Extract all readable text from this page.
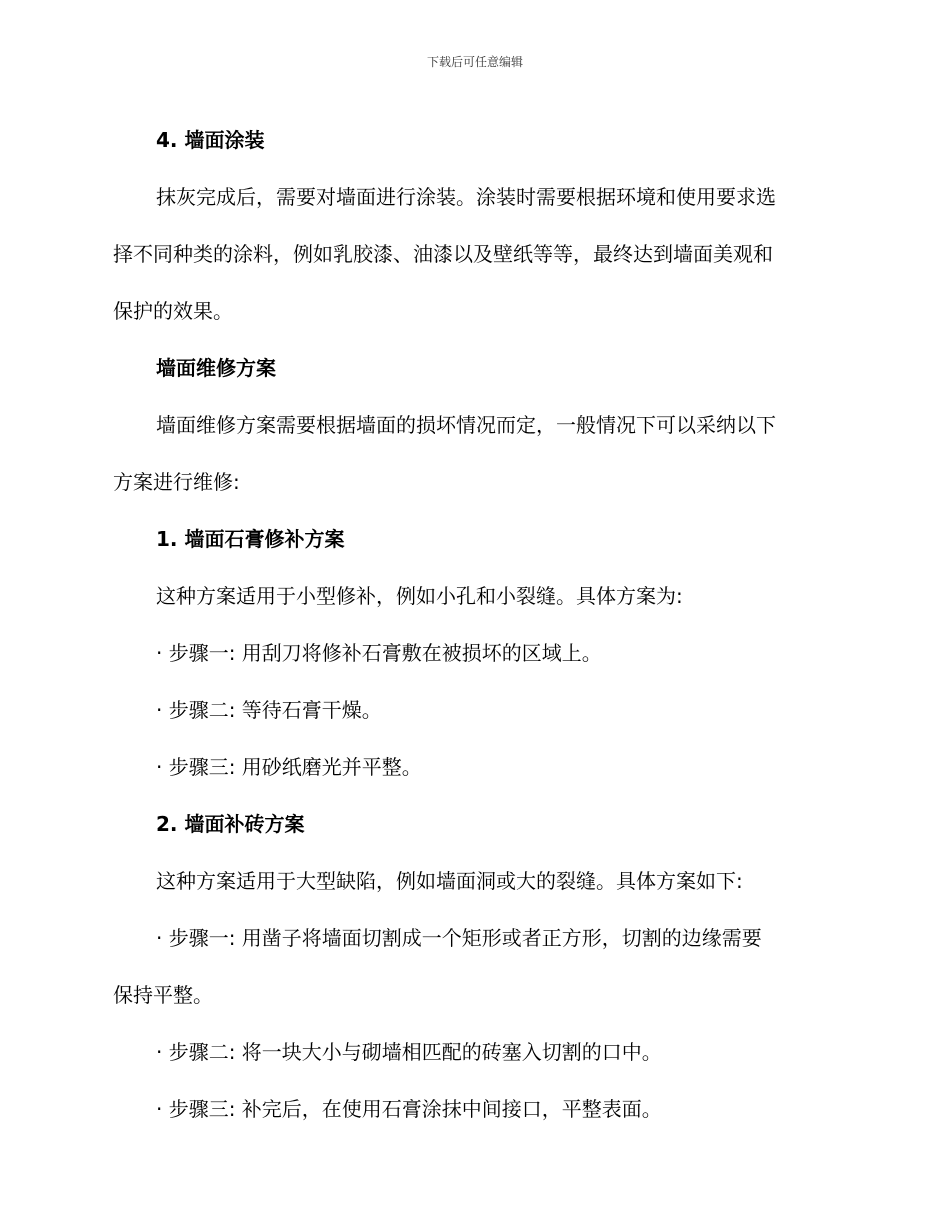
下载后可任意编辑
4. 墙面涂装
抹灰完成后，需要对墙面进行涂装。涂装时需要根据环境和使用要求选
择不同种类的涂料，例如乳胶漆、油漆以及壁纸等等，最终达到墙面美观和
保护的效果。
墙面维修方案
墙面维修方案需要根据墙面的损坏情况而定，一般情况下可以采纳以下
方案进行维修:
1. 墙面石膏修补方案
这种方案适用于小型修补，例如小孔和小裂缝。具体方案为:
· 步骤一: 用刮刀将修补石膏敷在被损坏的区域上。
· 步骤二: 等待石膏干燥。
· 步骤三: 用砂纸磨光并平整。
2. 墙面补砖方案
这种方案适用于大型缺陷，例如墙面洞或大的裂缝。具体方案如下:
· 步骤一: 用凿子将墙面切割成一个矩形或者正方形，切割的边缘需要
保持平整。
· 步骤二: 将一块大小与砌墙相匹配的砖塞入切割的口中。
· 步骤三: 补完后，在使用石膏涂抹中间接口，平整表面。
